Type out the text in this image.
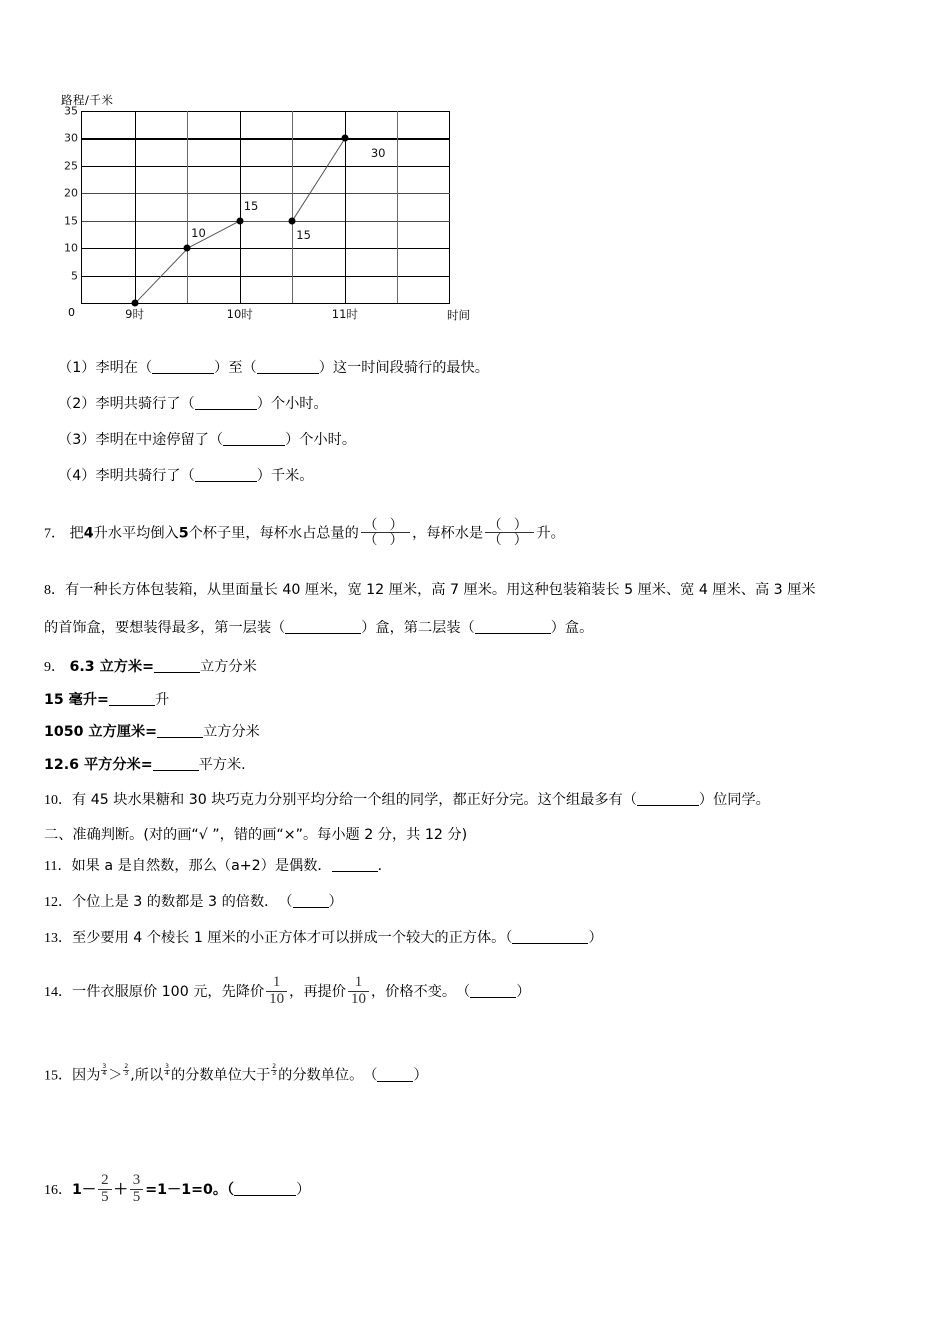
路程/千米
0
5
10
15
20
25
30
35
9时	10时	11时
10
15
15
30
时间
（1）李明在（	）至（	）这一时间段骑行的最快。
（2）李明共骑行了（	）个小时。
（3）李明在中途停留了（	）个小时。
（4）李明共骑行了（	）千米。
7． 把4升水平均倒入5个杯子里，每杯水占总量的 $\frac{( )}{( )}$ ，每杯水是 $\frac{( )}{( )}$ 升。
8．有一种长方体包装箱，从里面量长 40 厘米，宽 12 厘米，高 7 厘米。用这种包装箱装长 5 厘米、宽 4 厘米、高 3 厘米
的首饰盒，要想装得最多，第一层装（	）盒，第二层装（	）盒。
9． 6.3 立方米=	立方分米
15 毫升=	升
1050 立方厘米=	立方分米
12.6 平方分米=	平方米.
10．有 45 块水果糖和 30 块巧克力分别平均分给一个组的同学，都正好分完。这个组最多有（	）位同学。
二、准确判断。(对的画“√ ”，错的画“×”。每小题 2 分，共 12 分)
11．如果 a 是自然数，那么（a+2）是偶数．	．
12．个位上是 3 的数都是 3 的倍数．　（	）
13．至少要用 4 个棱长 1 厘米的小正方体才可以拼成一个较大的正方体。（	）
14．一件衣服原价 100 元，先降价 $\frac{1}{10}$ ，再提价 $\frac{1}{10}$ ，价格不变。　（	）
15．因为 $\frac{3}{4} > \frac{2}{3}$ ,所以 $\frac{3}{4}$ 的分数单位大于 $\frac{2}{3}$ 的分数单位。　（	）
16．$1- \frac{2}{5} + \frac{3}{5} =1-1=0$。（	）
